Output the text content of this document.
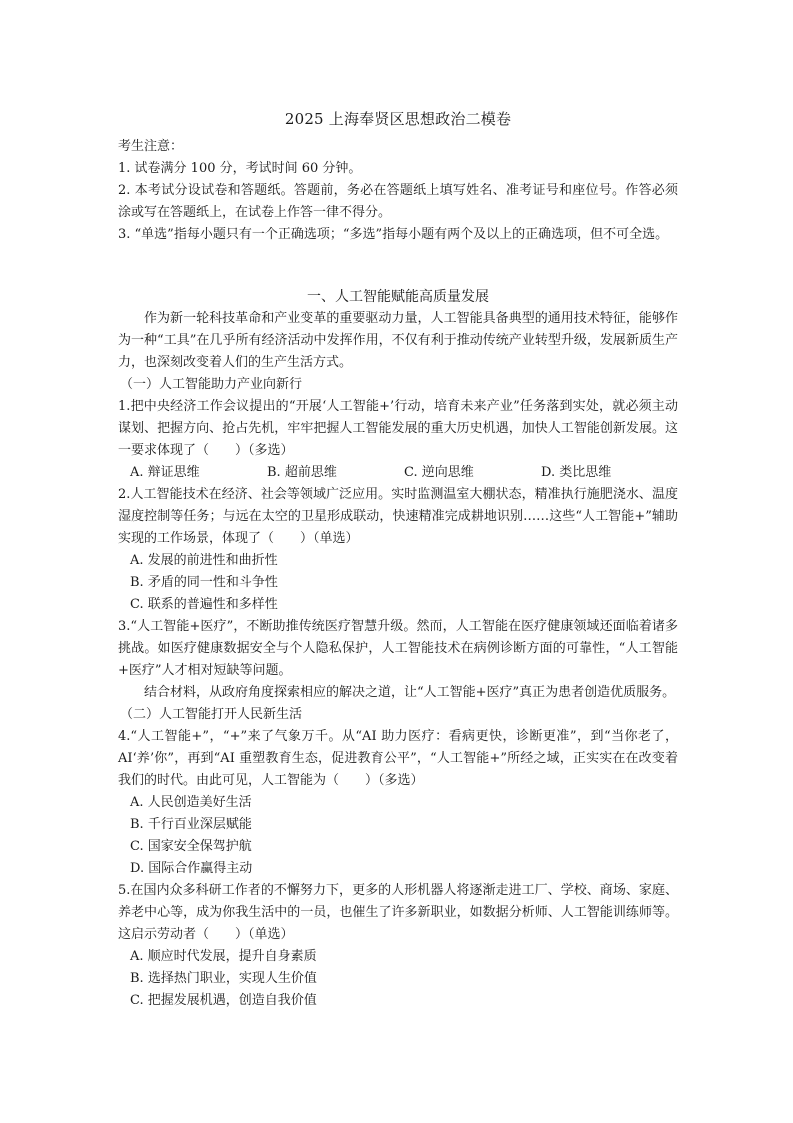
2025 上海奉贤区思想政治二模卷
考生注意：
1. 试卷满分 100 分，考试时间 60 分钟。
2. 本考试分设试卷和答题纸。答题前，务必在答题纸上填写姓名、准考证号和座位号。作答必须涂或写在答题纸上，在试卷上作答一律不得分。
3. “单选”指每小题只有一个正确选项；“多选”指每小题有两个及以上的正确选项，但不可全选。
一、人工智能赋能高质量发展
作为新一轮科技革命和产业变革的重要驱动力量，人工智能具备典型的通用技术特征，能够作为一种“工具”在几乎所有经济活动中发挥作用，不仅有利于推动传统产业转型升级，发展新质生产力，也深刻改变着人们的生产生活方式。
（一）人工智能助力产业向新行
1.把中央经济工作会议提出的“开展‘人工智能+’行动，培育未来产业”任务落到实处，就必须主动谋划、把握方向、抢占先机，牢牢把握人工智能发展的重大历史机遇，加快人工智能创新发展。这一要求体现了（　　）（多选）
A. 辩证思维	B. 超前思维	C. 逆向思维	D. 类比思维
2.人工智能技术在经济、社会等领域广泛应用。实时监测温室大棚状态，精准执行施肥浇水、温度湿度控制等任务；与远在太空的卫星形成联动，快速精准完成耕地识别……这些“人工智能+”辅助实现的工作场景，体现了（　　）（单选）
A. 发展的前进性和曲折性
B. 矛盾的同一性和斗争性
C. 联系的普遍性和多样性
3.“人工智能+医疗”，不断助推传统医疗智慧升级。然而，人工智能在医疗健康领域还面临着诸多挑战。如医疗健康数据安全与个人隐私保护，人工智能技术在病例诊断方面的可靠性，“人工智能+医疗”人才相对短缺等问题。
结合材料，从政府角度探索相应的解决之道，让“人工智能+医疗”真正为患者创造优质服务。
（二）人工智能打开人民新生活
4.“人工智能+”，“+”来了气象万千。从“AI 助力医疗：看病更快，诊断更准”，到“当你老了，AI‘养’你”，再到“AI 重塑教育生态，促进教育公平”，“人工智能+”所经之域，正实实在在改变着我们的时代。由此可见，人工智能为（　　）（多选）
A. 人民创造美好生活
B. 千行百业深层赋能
C. 国家安全保驾护航
D. 国际合作赢得主动
5.在国内众多科研工作者的不懈努力下，更多的人形机器人将逐渐走进工厂、学校、商场、家庭、养老中心等，成为你我生活中的一员，也催生了许多新职业，如数据分析师、人工智能训练师等。这启示劳动者（　　）（单选）
A. 顺应时代发展，提升自身素质
B. 选择热门职业，实现人生价值
C. 把握发展机遇，创造自我价值
